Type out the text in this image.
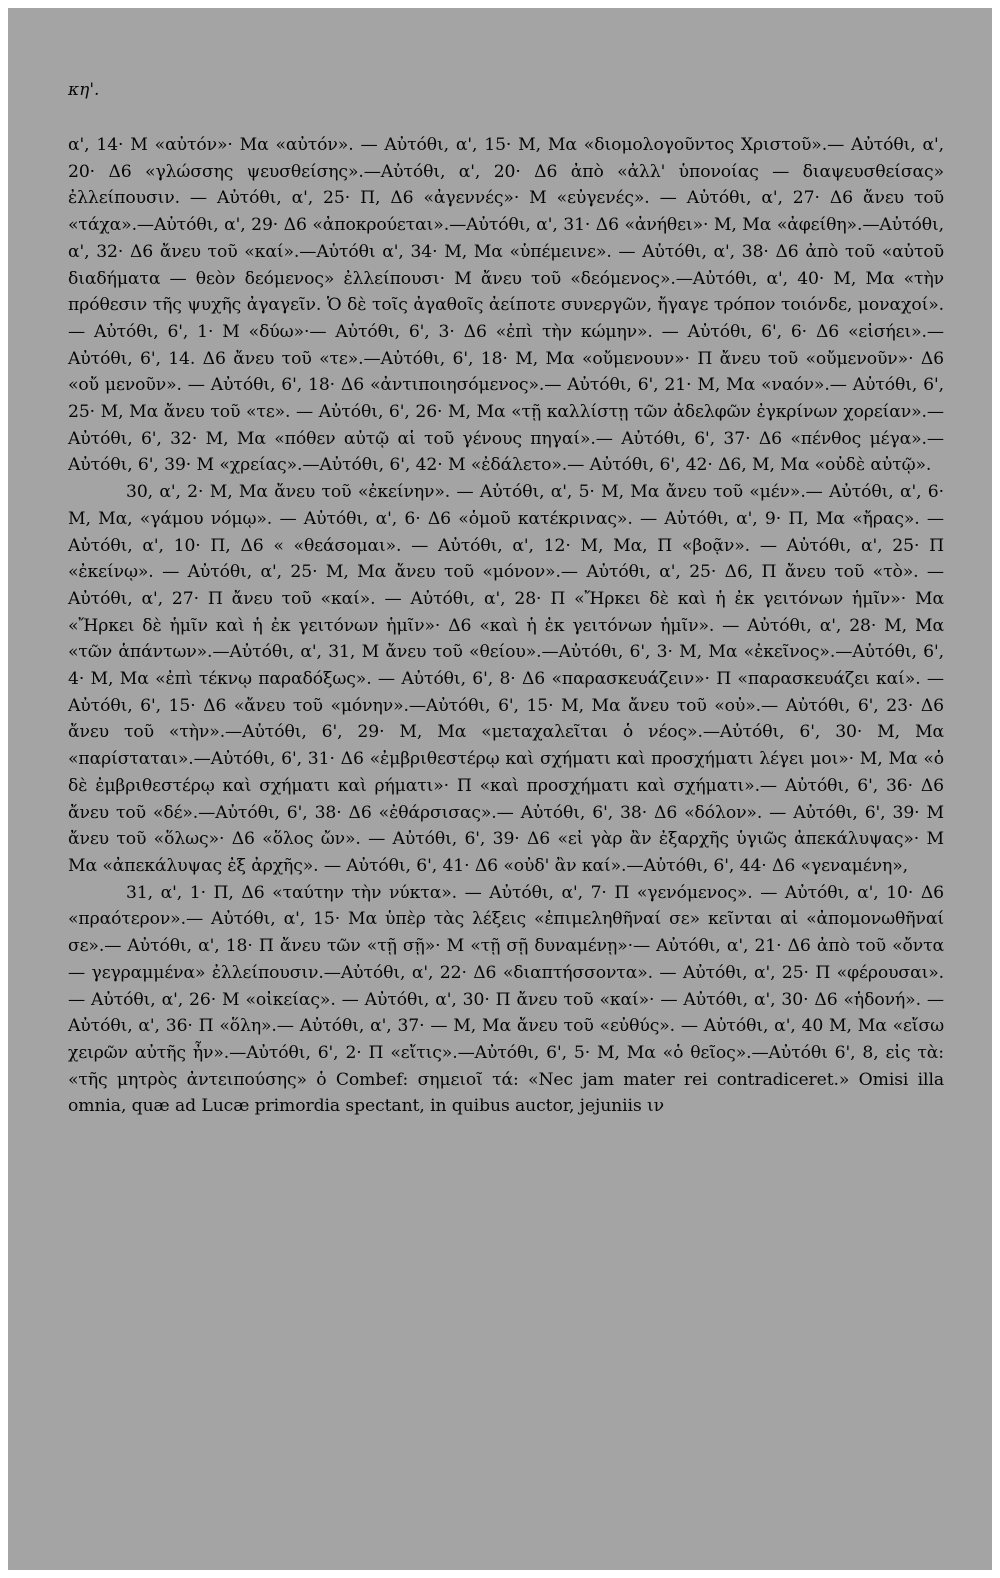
κη'.

α', 14· Μ «αὐτόν»· Μα «αὐτόν». — Αὐτόθι, α', 15· Μ, Μα «διομολογοῦντος Χριστοῦ».— Αὐτόθι, α', 20· Δ6 «γλώσσης ψευσθείσης».—Αὐτόθι, α', 20· Δ6 ἀπὸ «ἀλλ' ὑπονοίας — διαψευσθείσας» ἐλλείπουσιν. — Αὐτόθι, α', 25· Π, Δ6 «ἀγεννές»· Μ «εὐγενές». — Αὐτόθι, α', 27· Δ6 ἄνευ τοῦ «τάχα».—Αὐτόθι, α', 29· Δ6 «ἀποκρούεται».—Αὐτόθι, α', 31· Δ6 «ἀνήθει»· Μ, Μα «ἀφείθη».—Αὐτόθι, α', 32· Δ6 ἄνευ τοῦ «καί».—Αὐτόθι α', 34· Μ, Μα «ὑπέμεινε». — Αὐτόθι, α', 38· Δ6 ἀπὸ τοῦ «αὐτοῦ διαδήματα — θεὸν δεόμενος» ἐλλείπουσι· Μ ἄνευ τοῦ «δεόμενος».—Αὐτόθι, α', 40· Μ, Μα «τὴν πρόθεσιν τῆς ψυχῆς ἀγαγεῖν. Ὁ δὲ τοῖς ἀγαθοῖς ἀείποτε συνεργῶν, ἤγαγε τρόπον τοιόνδε, μοναχοί». — Αὐτόθι, 6', 1· Μ «δύω»·— Αὐτόθι, 6', 3· Δ6 «ἐπὶ τὴν κώμην». — Αὐτόθι, 6', 6· Δ6 «εἰσήει».— Αὐτόθι, 6', 14. Δ6 ἄνευ τοῦ «τε».—Αὐτόθι, 6', 18· Μ, Μα «οὔμενουν»· Π ἄνευ τοῦ «οὔμενοῦν»· Δ6 «οὔ μενοῦν». — Αὐτόθι, 6', 18· Δ6 «ἀντιποιησόμενος».— Αὐτόθι, 6', 21· Μ, Μα «ναόν».— Αὐτόθι, 6', 25· Μ, Μα ἄνευ τοῦ «τε». — Αὐτόθι, 6', 26· Μ, Μα «τῇ καλλίστῃ τῶν ἀδελφῶν ἐγκρίνων χορείαν».— Αὐτόθι, 6', 32· Μ, Μα «πόθεν αὐτῷ αἱ τοῦ γένους πηγαί».— Αὐτόθι, 6', 37· Δ6 «πένθος μέγα».—Αὐτόθι, 6', 39· Μ «χρείας».—Αὐτόθι, 6', 42· Μ «ἐδάλετο».— Αὐτόθι, 6', 42· Δ6, Μ, Μα «οὐδὲ αὐτῷ».

30, α', 2· Μ, Μα ἄνευ τοῦ «ἐκείνην». — Αὐτόθι, α', 5· Μ, Μα ἄνευ τοῦ «μέν».— Αὐτόθι, α', 6· Μ, Μα, «γάμου νόμῳ». — Αὐτόθι, α', 6· Δ6 «ὁμοῦ κατέκρινας». — Αὐτόθι, α', 9· Π, Μα «ἤρας». — Αὐτόθι, α', 10· Π, Δ6 « «θεάσομαι». — Αὐτόθι, α', 12· Μ, Μα, Π «βοᾷν». — Αὐτόθι, α', 25· Π «ἐκείνῳ». — Αὐτόθι, α', 25· Μ, Μα ἄνευ τοῦ «μόνον».— Αὐτόθι, α', 25· Δ6, Π ἄνευ τοῦ «τὸ». — Αὐτόθι, α', 27· Π ἄνευ τοῦ «καί». — Αὐτόθι, α', 28· Π «Ἤρκει δὲ καὶ ἡ ἐκ γειτόνων ἡμῖν»· Μα «Ἤρκει δὲ ἡμῖν καὶ ἡ ἐκ γειτόνων ἡμῖν»· Δ6 «καὶ ἡ ἐκ γειτόνων ἡμῖν». — Αὐτόθι, α', 28· Μ, Μα «τῶν ἁπάντων».—Αὐτόθι, α', 31, Μ ἄνευ τοῦ «θείου».—Αὐτόθι, 6', 3· Μ, Μα «ἐκεῖνος».—Αὐτόθι, 6', 4· Μ, Μα «ἐπὶ τέκνῳ παραδόξως». — Αὐτόθι, 6', 8· Δ6 «παρασκευάζειν»· Π «παρασκευάζει καί». — Αὐτόθι, 6', 15· Δ6 «ἄνευ τοῦ «μόνην».—Αὐτόθι, 6', 15· Μ, Μα ἄνευ τοῦ «οὐ».— Αὐτόθι, 6', 23· Δ6 ἄνευ τοῦ «τὴν».—Αὐτόθι, 6', 29· Μ, Μα «μεταχαλεῖται ὁ νέος».—Αὐτόθι, 6', 30· Μ, Μα «παρίσταται».—Αὐτόθι, 6', 31· Δ6 «ἐμβριθεστέρῳ καὶ σχήματι καὶ προσχήματι λέγει μοι»· Μ, Μα «ὁ δὲ ἐμβριθεστέρῳ καὶ σχήματι καὶ ρήματι»· Π «καὶ προσχήματι καὶ σχήματι».— Αὐτόθι, 6', 36· Δ6 ἄνευ τοῦ «δέ».—Αὐτόθι, 6', 38· Δ6 «ἐθάρσισας».— Αὐτόθι, 6', 38· Δ6 «δόλον». — Αὐτόθι, 6', 39· Μ ἄνευ τοῦ «ὅλως»· Δ6 «ὅλος ὤν». — Αὐτόθι, 6', 39· Δ6 «εἰ γὰρ ἂν ἐξαρχῆς ὑγιῶς ἀπεκάλυψας»· Μ Μα «ἀπεκάλυψας ἐξ ἀρχῆς». — Αὐτόθι, 6', 41· Δ6 «οὐδ' ἂν καί».—Αὐτόθι, 6', 44· Δ6 «γεναμένη»,

31, α', 1· Π, Δ6 «ταύτην τὴν νύκτα». — Αὐτόθι, α', 7· Π «γενόμενος». — Αὐτόθι, α', 10· Δ6 «πραότερον».— Αὐτόθι, α', 15· Μα ὑπὲρ τὰς λέξεις «ἐπιμεληθῆναί σε» κεῖνται αἱ «ἀπομονωθῆναί σε».— Αὐτόθι, α', 18· Π ἄνευ τῶν «τῇ σῇ»· Μ «τῇ σῇ δυναμένῃ»·— Αὐτόθι, α', 21· Δ6 ἀπὸ τοῦ «ὄντα — γεγραμμένα» ἐλλείπουσιν.—Αὐτόθι, α', 22· Δ6 «διαπτήσσοντα». — Αὐτόθι, α', 25· Π «φέρουσαι». — Αὐτόθι, α', 26· Μ «οἰκείας». — Αὐτόθι, α', 30· Π ἄνευ τοῦ «καί»· — Αὐτόθι, α', 30· Δ6 «ἡδονή». — Αὐτόθι, α', 36· Π «ὅλη».— Αὐτόθι, α', 37· — Μ, Μα ἄνευ τοῦ «εὐθύς». — Αὐτόθι, α', 40 Μ, Μα «εἴσω χειρῶν αὐτῆς ἦν».—Αὐτόθι, 6', 2· Π «εἴτις».—Αὐτόθι, 6', 5· Μ, Μα «ὁ θεῖος».—Αὐτόθι 6', 8, εἰς τὰ: «τῆς μητρὸς ἀντειπούσης» ὁ Combef: σημειοῖ τά: «Nec jam mater rei contradiceret.» Omisi illa omnia, quæ ad Lucæ primordia spectant, in quibus auctor, jejuniis ιν
